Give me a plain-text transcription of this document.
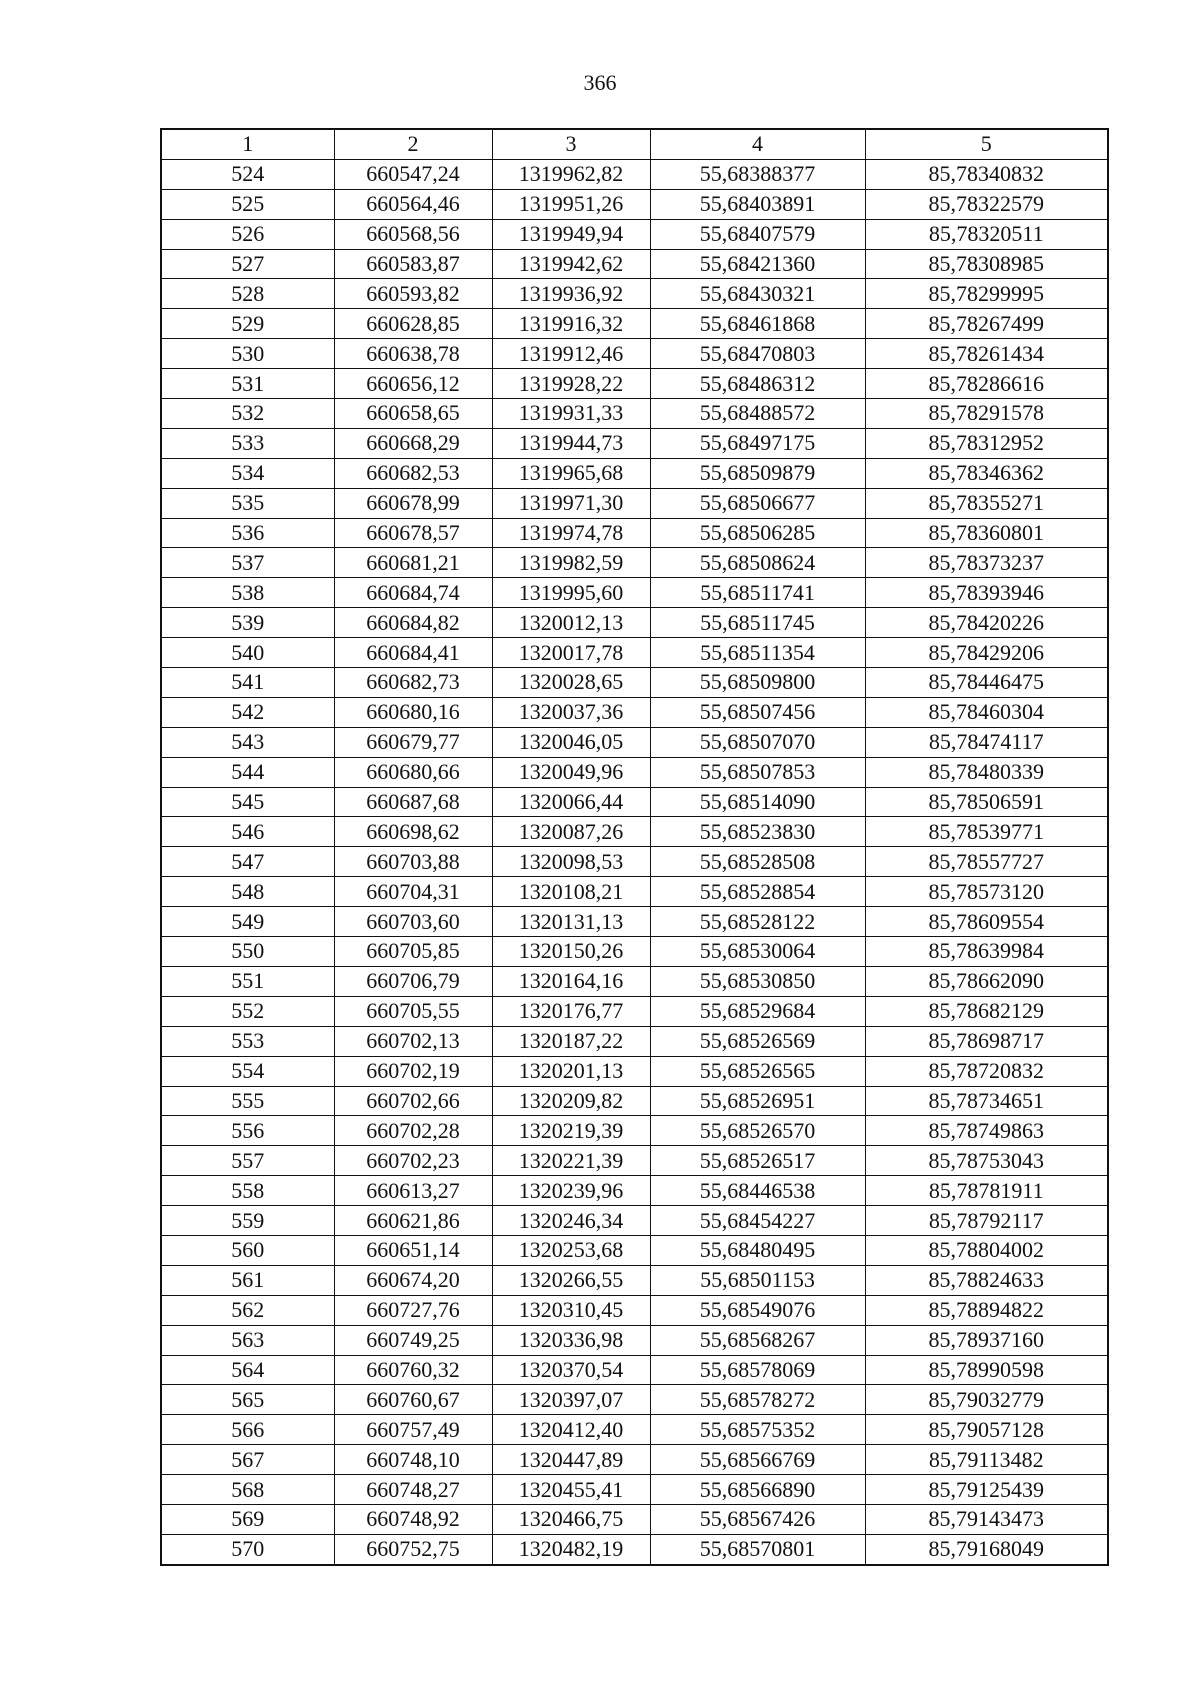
366
1	2	3	4	5
524	660547,24	1319962,82	55,68388377	85,78340832
525	660564,46	1319951,26	55,68403891	85,78322579
526	660568,56	1319949,94	55,68407579	85,78320511
527	660583,87	1319942,62	55,68421360	85,78308985
528	660593,82	1319936,92	55,68430321	85,78299995
529	660628,85	1319916,32	55,68461868	85,78267499
530	660638,78	1319912,46	55,68470803	85,78261434
531	660656,12	1319928,22	55,68486312	85,78286616
532	660658,65	1319931,33	55,68488572	85,78291578
533	660668,29	1319944,73	55,68497175	85,78312952
534	660682,53	1319965,68	55,68509879	85,78346362
535	660678,99	1319971,30	55,68506677	85,78355271
536	660678,57	1319974,78	55,68506285	85,78360801
537	660681,21	1319982,59	55,68508624	85,78373237
538	660684,74	1319995,60	55,68511741	85,78393946
539	660684,82	1320012,13	55,68511745	85,78420226
540	660684,41	1320017,78	55,68511354	85,78429206
541	660682,73	1320028,65	55,68509800	85,78446475
542	660680,16	1320037,36	55,68507456	85,78460304
543	660679,77	1320046,05	55,68507070	85,78474117
544	660680,66	1320049,96	55,68507853	85,78480339
545	660687,68	1320066,44	55,68514090	85,78506591
546	660698,62	1320087,26	55,68523830	85,78539771
547	660703,88	1320098,53	55,68528508	85,78557727
548	660704,31	1320108,21	55,68528854	85,78573120
549	660703,60	1320131,13	55,68528122	85,78609554
550	660705,85	1320150,26	55,68530064	85,78639984
551	660706,79	1320164,16	55,68530850	85,78662090
552	660705,55	1320176,77	55,68529684	85,78682129
553	660702,13	1320187,22	55,68526569	85,78698717
554	660702,19	1320201,13	55,68526565	85,78720832
555	660702,66	1320209,82	55,68526951	85,78734651
556	660702,28	1320219,39	55,68526570	85,78749863
557	660702,23	1320221,39	55,68526517	85,78753043
558	660613,27	1320239,96	55,68446538	85,78781911
559	660621,86	1320246,34	55,68454227	85,78792117
560	660651,14	1320253,68	55,68480495	85,78804002
561	660674,20	1320266,55	55,68501153	85,78824633
562	660727,76	1320310,45	55,68549076	85,78894822
563	660749,25	1320336,98	55,68568267	85,78937160
564	660760,32	1320370,54	55,68578069	85,78990598
565	660760,67	1320397,07	55,68578272	85,79032779
566	660757,49	1320412,40	55,68575352	85,79057128
567	660748,10	1320447,89	55,68566769	85,79113482
568	660748,27	1320455,41	55,68566890	85,79125439
569	660748,92	1320466,75	55,68567426	85,79143473
570	660752,75	1320482,19	55,68570801	85,79168049
